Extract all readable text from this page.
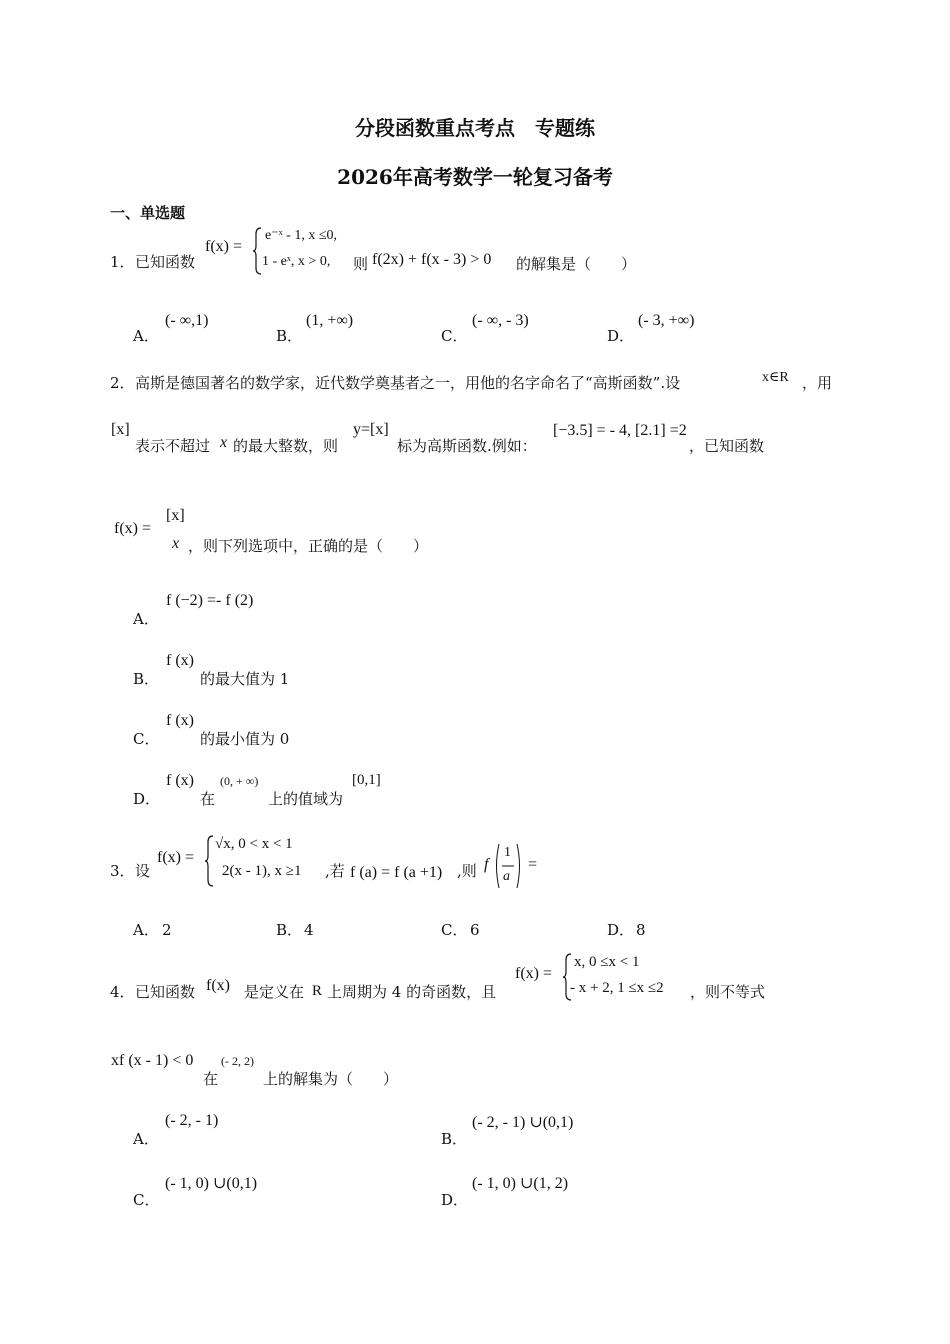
分段函数重点考点　专题练
2026年高考数学一轮复习备考
一、单选题
1． 已知函数
f(x) =
e⁻ˣ - 1, x ≤0,
1 - eˣ, x > 0, 则 f(2x) + f(x - 3) > 0 的解集是（　　）
A．
(- ∞,1)
B．
(1, +∞)
C．
(- ∞, - 3)
D．
(- 3, +∞)
2． 高斯是德国著名的数学家，近代数学奠基者之一，用他的名字命名了“高斯函数”.设	x∈R ，用
[x]
表示不超过 x 的最大整数，则
y=[x]
标为高斯函数.例如：
[−3.5] = - 4, [2.1] =2
，已知函数
f(x) =
[x]
x ，则下列选项中，正确的是（　　）
A．
f (−2) =- f (2)
B．
f (x)
的最大值为 1
C．
f (x)
的最小值为 0
D．
f (x)
在
(0, + ∞)
上的值域为
[0,1]
3． 设
f(x) =
√x, 0 < x < 1
2(x - 1), x ≥1 ,若 f (a) = f (a +1) ,则 f
1
a
=
A． 2	B． 4	C． 6	D． 8
4． 已知函数 f(x) 是定义在 R 上周期为 4 的奇函数，且
f(x) =
x, 0 ≤x < 1
- x + 2, 1 ≤x ≤2 ，则不等式
xf (x - 1) < 0
在
(- 2, 2)
上的解集为（　　）
A．
(- 2, - 1)
B．
(- 2, - 1) ∪(0,1)
C．
(- 1, 0) ∪(0,1)
D．
(- 1, 0) ∪(1, 2)
